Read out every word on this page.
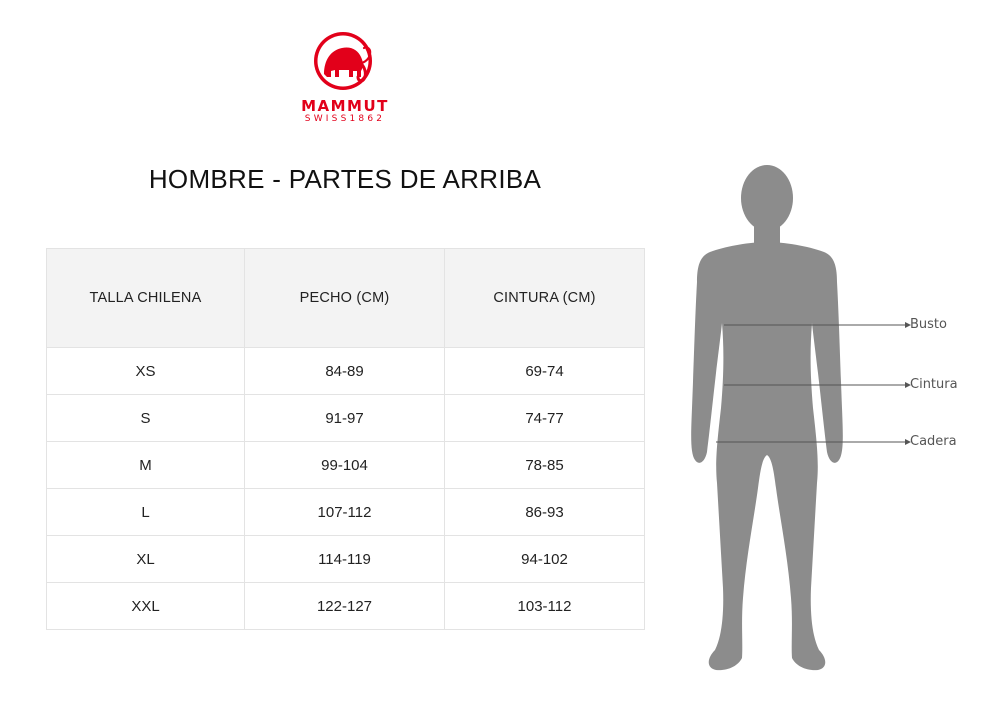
MAMMUT
SWISS1862
HOMBRE - PARTES DE ARRIBA
TALLA CHILENA	PECHO (CM)	CINTURA (CM)
XS	84-89	69-74
S	91-97	74-77
M	99-104	78-85
L	107-112	86-93
XL	114-119	94-102
XXL	122-127	103-112
Busto
Cintura
Cadera
